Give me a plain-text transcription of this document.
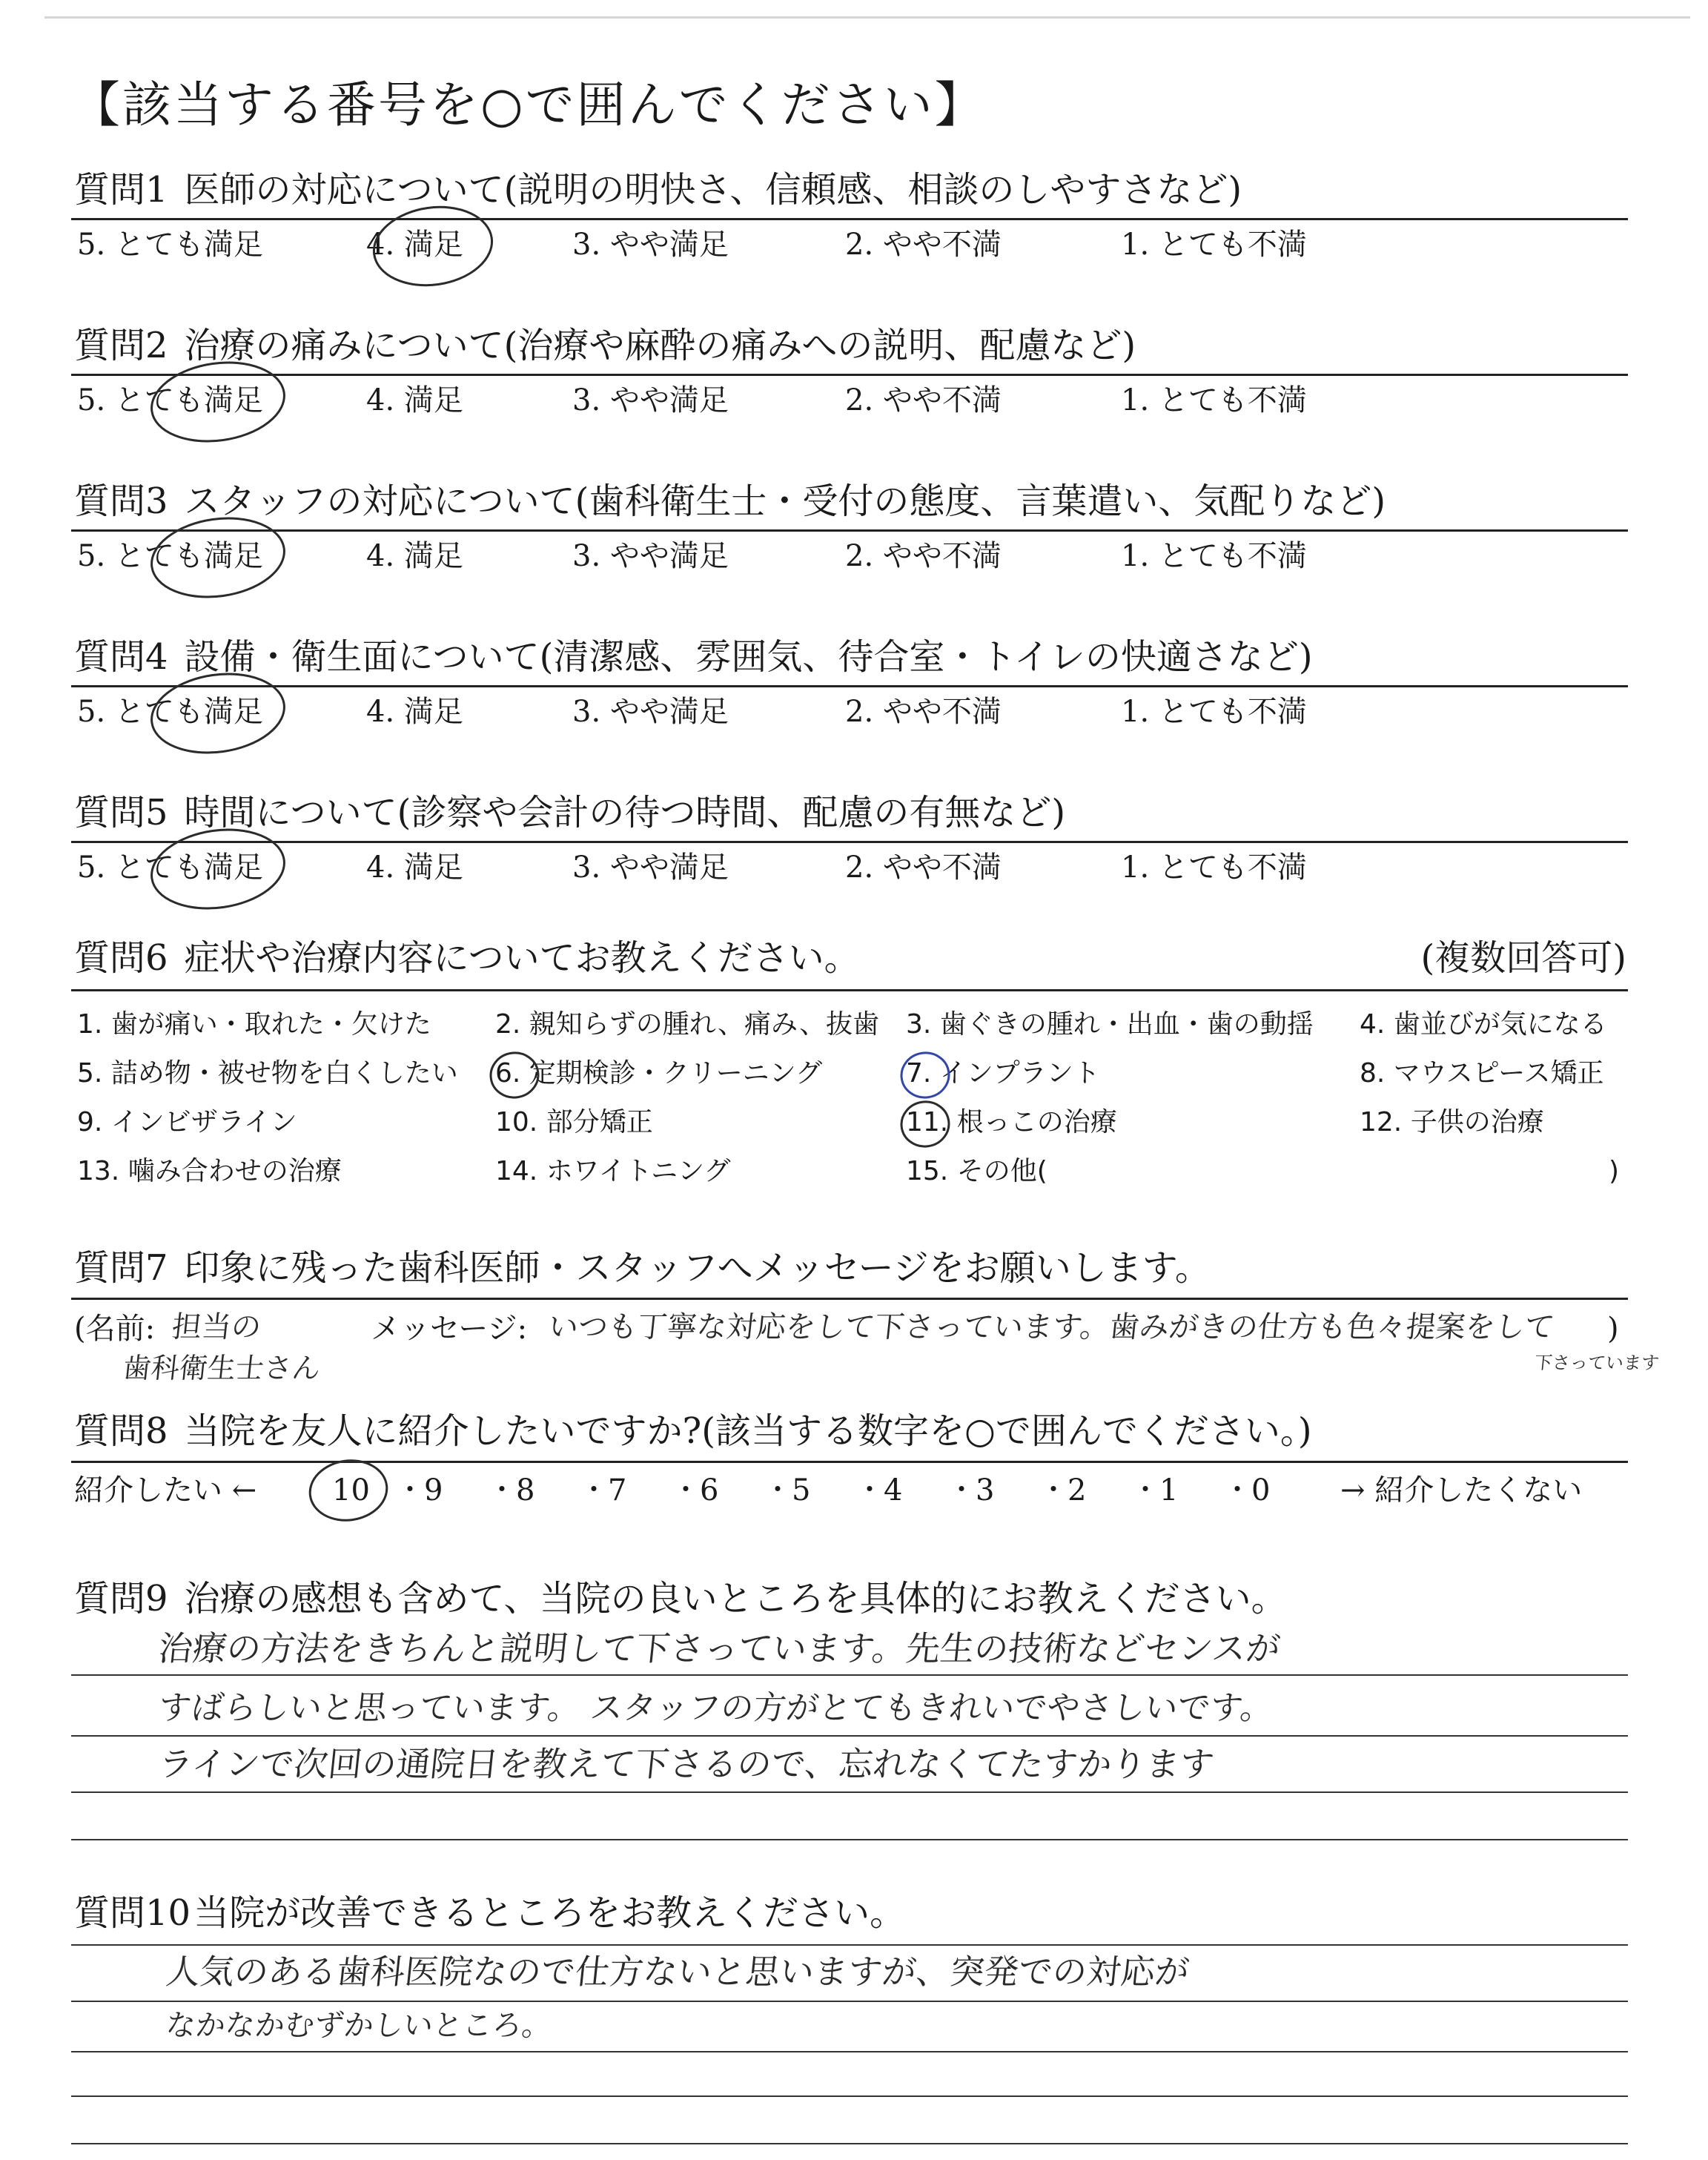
【該当する番号を○で囲んでください】
質問1 医師の対応について(説明の明快さ、信頼感、相談のしやすさなど)
5. とても満足	4. 満足	3. やや満足	2. やや不満	1. とても不満
質問2 治療の痛みについて(治療や麻酔の痛みへの説明、配慮など)
5. とても満足	4. 満足	3. やや満足	2. やや不満	1. とても不満
質問3 スタッフの対応について(歯科衛生士・受付の態度、言葉遣い、気配りなど)
5. とても満足	4. 満足	3. やや満足	2. やや不満	1. とても不満
質問4 設備・衛生面について(清潔感、雰囲気、待合室・トイレの快適さなど)
5. とても満足	4. 満足	3. やや満足	2. やや不満	1. とても不満
質問5 時間について(診察や会計の待つ時間、配慮の有無など)
5. とても満足	4. 満足	3. やや満足	2. やや不満	1. とても不満
質問6 症状や治療内容についてお教えください。	(複数回答可)
1. 歯が痛い・取れた・欠けた 2. 親知らずの腫れ、痛み、抜歯 3. 歯ぐきの腫れ・出血・歯の動揺 4. 歯並びが気になる
5. 詰め物・被せ物を白くしたい 6. 定期検診・クリーニング	7. インプラント	8. マウスピース矯正
9. インビザライン	10. 部分矯正	11. 根っこの治療	12. 子供の治療
13. 噛み合わせの治療	14. ホワイトニング	15. その他(	)
質問7 印象に残った歯科医師・スタッフへメッセージをお願いします。
(名前: 担当の
歯科衛生士さん
メッセージ: いつも丁寧な対応をして下さっています。歯みがきの仕方も色々提案をして
下さっています
)
質問8 当院を友人に紹介したいですか?(該当する数字を○で囲んでください。)
紹介したい ←	10 ・ 9 ・ 8 ・ 7 ・ 6 ・ 5 ・ 4 ・ 3 ・ 2 ・ 1 ・ 0 → 紹介したくない
質問9 治療の感想も含めて、当院の良いところを具体的にお教えください。
治療の方法をきちんと説明して下さっています。先生の技術などセンスが
すばらしいと思っています。 スタッフの方がとてもきれいでやさしいです。
ラインで次回の通院日を教えて下さるので、忘れなくてたすかります
質問10当院が改善できるところをお教えください。
人気のある歯科医院なので仕方ないと思いますが、突発での対応が
なかなかむずかしいところ。
